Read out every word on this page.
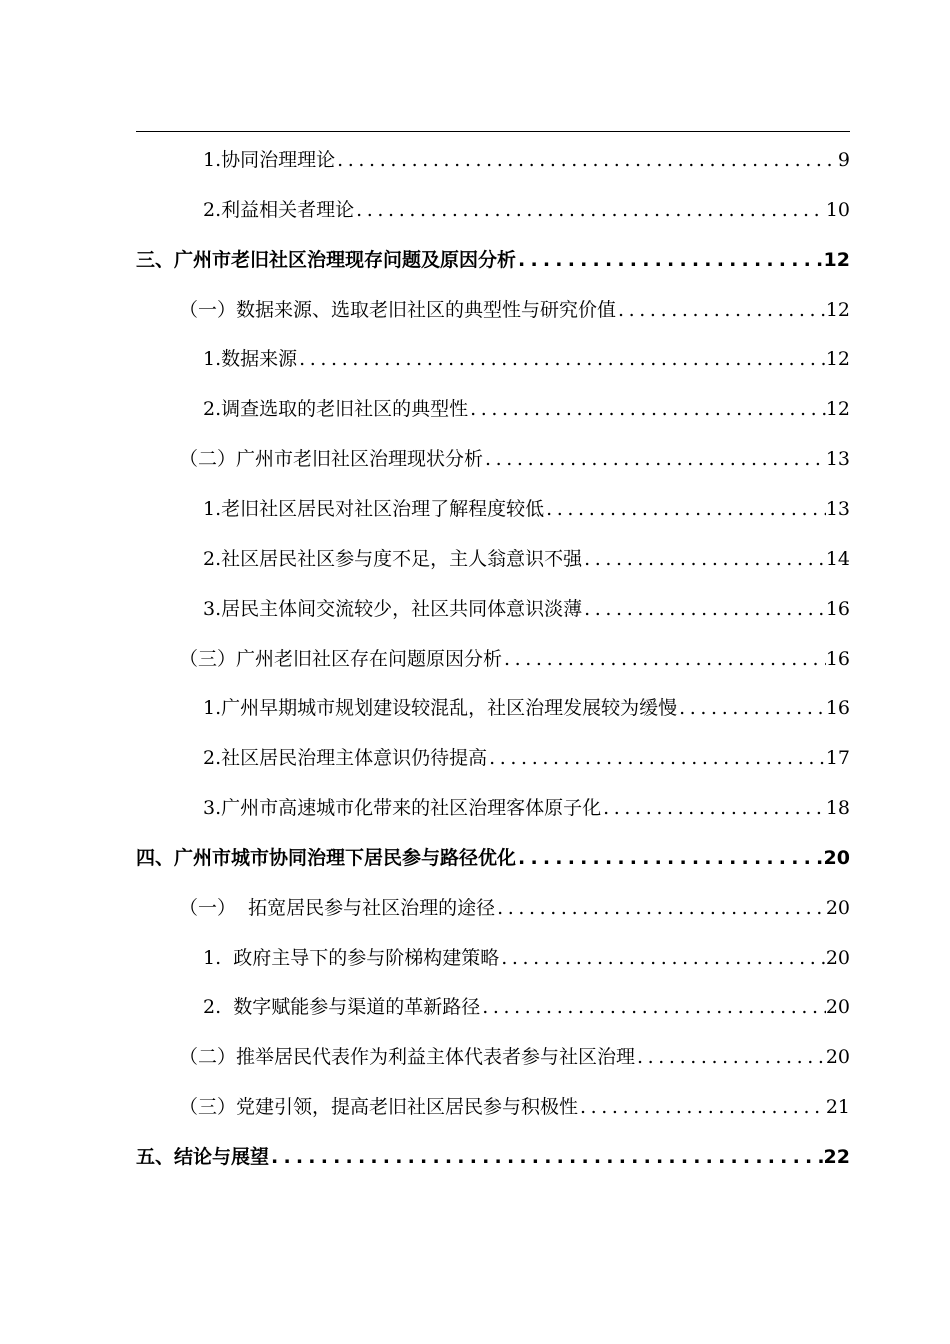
1.协同治理理论 .....	9
2.利益相关者理论 .....	10
三、 广州市老旧社区治理现存问题及原因分析 .....	12
（一）数据来源、选取老旧社区的典型性与研究价值 .....	12
1.数据来源 .....	12
2.调查选取的老旧社区的典型性 .....	12
（二）广州市老旧社区治理现状分析 .....	13
1.老旧社区居民对社区治理了解程度较低 .....	13
2.社区居民社区参与度不足，主人翁意识不强 .....	14
3.居民主体间交流较少，社区共同体意识淡薄 .....	16
（三）广州老旧社区存在问题原因分析 .....	16
1.广州早期城市规划建设较混乱，社区治理发展较为缓慢 .....	16
2.社区居民治理主体意识仍待提高 .....	17
3.广州市高速城市化带来的社区治理客体原子化 .....	18
四、 广州市城市协同治理下居民参与路径优化 .....	20
（一）  拓宽居民参与社区治理的途径 .....	20
1.  政府主导下的参与阶梯构建策略 .....	20
2.  数字赋能参与渠道的革新路径 .....	20
（二）推举居民代表作为利益主体代表者参与社区治理 .....	20
（三）党建引领，提高老旧社区居民参与积极性 .....	21
五、 结论与展望 .....	22
